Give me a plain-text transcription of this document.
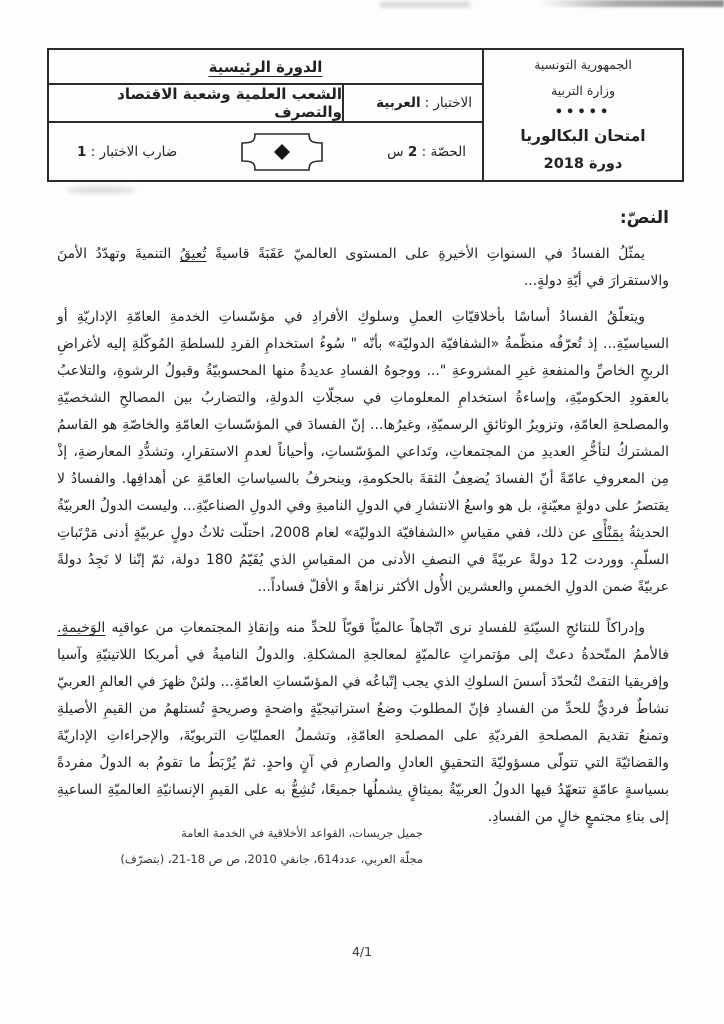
الجمهورية التونسية
وزارة التربية
•••••
امتحان البكالوريا
دورة 2018
الدورة الرئيسية
الاختبار :
العربية
الشعب العلمية وشعبة الاقتصاد والتصرف
الحصّة : 2 س
ضارب الاختبار : 1
النصّ:

يمثّلُ الفسادُ في السنواتِ الأخيرةِ على المستوى العالميّ عَقَبَةً قاسيةً تُعيقُ التنميةَ وتهدّدُ الأمنَ والاستقرارَ في أيّةِ دولةٍ...

ويتعلّقُ الفسادُ أساسًا بأخلاقيّاتِ العملِ وسلوكِ الأفرادِ في مؤسّساتِ الخدمةِ العامّةِ الإداريّةِ أو السياسيّةِ... إذ تُعرّفُه منظّمةُ «الشفافيّة الدوليّة» بأنّه " سُوءُ استخدامِ الفردِ للسلطةِ المُوكّلةِ إليه لأغراضِ الربحِ الخاصِّ والمنفعةِ غيرِ المشروعةِ "... ووجوهُ الفسادِ عديدةٌ منها المحسوبيّةُ وقبولُ الرشوةِ، والتلاعبُ بالعقودِ الحكوميّةِ، وإساءةُ استخدامِ المعلوماتِ في سجلّاتِ الدولةِ، والتضاربُ بين المصالحِ الشخصيّةِ والمصلحةِ العامّةِ، وتزويرُ الوثائقِ الرسميّةِ، وغيرُها... إنّ الفسادَ في المؤسّساتِ العامّةِ والخاصّةِ هو القاسمُ المشتركُ لتأخُّرِ العديدِ من المجتمعاتِ، وتَداعي المؤسّساتِ، وأحياناً لعدمِ الاستقرارِ، وتشدُّدِ المعارضةِ، إذْ مِن المعروفِ عامّةً أنّ الفسادَ يُضعِفُ الثقةَ بالحكومةِ، وينحرفُ بالسياساتِ العامّةِ عن أهدافِها. والفسادُ لا يقتصرُ على دولةٍ معيّنةٍ، بل هو واسعُ الانتشارِ في الدولِ الناميةِ وفي الدولِ الصناعيّةِ... وليست الدولُ العربيّةُ الحديثةُ بِمَنْأًى عن ذلك، ففي مقياسِ «الشفافيّة الدوليّة» لعام 2008، احتلّت ثلاثُ دولٍ عربيّةٍ أدنى مَرْتَباتِ السلّمِ. ووردت 12 دولةً عربيّةً في النصفِ الأدنى من المقياسِ الذي يُقَيّمُ 180 دولة، ثمّ إنّنا لا نَجِدُ دولةً عربيّةً ضمن الدولِ الخمسِ والعشرين الأُول الأكثر نزاهةً و الأقلّ فساداً...

وإدراكاً للنتائجِ السيّئةِ للفسادِ نرى اتّجاهاً عالميّاً قويّاً للحدِّ منه وإنقاذِ المجتمعاتِ من عواقبِه الوَخيمةِ. فالأممُ المتّحدةُ دعتْ إلى مؤتمراتٍ عالميّةٍ لمعالجةِ المشكلةِ. والدولُ الناميةُ في أمريكا اللاتينيّةِ وآسيا وإفريقيا التقتْ لتُحدّدَ أسسَ السلوكِ الذي يجب إتّباعُه في المؤسّساتِ العامّةِ... ولئنْ ظهرَ في العالمِ العربيّ نشاطٌ فرديٌّ للحدِّ من الفسادِ فإنّ المطلوبَ وضعُ استراتيجيّةٍ واضحةٍ وصريحةٍ تُستلهمُ من القيمِ الأصيلةِ وتمنعُ تقديمَ المصلحةِ الفرديّةِ على المصلحةِ العامّةِ، وتشملُ العمليّاتِ التربويّةَ، والإجراءاتِ الإداريّةَ والقضائيّةَ التي تتولّى مسؤوليّةَ التحقيقِ العادلِ والصارمِ في آنٍ واحدٍ. ثمّ يُرْبَطُ ما تقومُ به الدولُ مفردةً بسياسةٍ عامّةٍ تتعهّدُ فيها الدولُ العربيّةُ بميثاقٍ يشملُها جميعًا، تُشِعُّ به على القيمِ الإنسانيّةِ العالميّةِ الساعيةِ إلى بناءِ مجتمعٍ خالٍ من الفسادِ.

جميل جريسات، القواعد الأخلاقية في الخدمة العامة
مجلّة العربي، عدد614، جانفي 2010، ص ص 18-21، (بتصرّف)
4/1
